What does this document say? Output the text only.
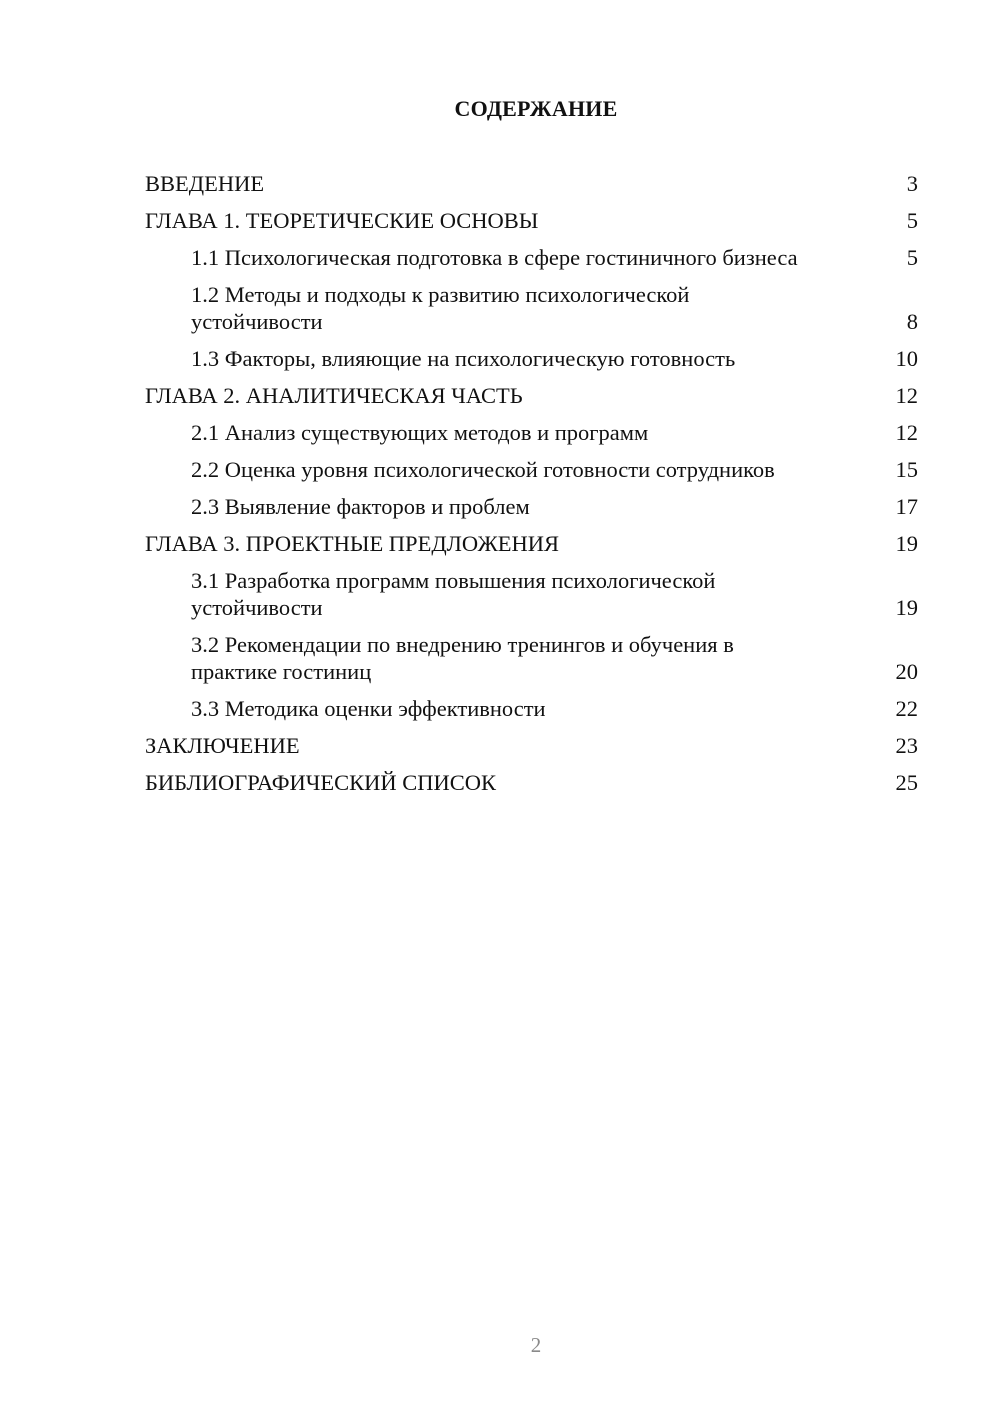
СОДЕРЖАНИЕ
ВВЕДЕНИЕ	3
ГЛАВА 1. ТЕОРЕТИЧЕСКИЕ ОСНОВЫ	5
1.1 Психологическая подготовка в сфере гостиничного бизнеса	5
1.2 Методы и подходы к развитию психологической устойчивости	8
1.3 Факторы, влияющие на психологическую готовность	10
ГЛАВА 2. АНАЛИТИЧЕСКАЯ ЧАСТЬ	12
2.1 Анализ существующих методов и программ	12
2.2 Оценка уровня психологической готовности сотрудников	15
2.3 Выявление факторов и проблем	17
ГЛАВА 3. ПРОЕКТНЫЕ ПРЕДЛОЖЕНИЯ	19
3.1 Разработка программ повышения психологической устойчивости	19
3.2 Рекомендации по внедрению тренингов и обучения в практике гостиниц	20
3.3 Методика оценки эффективности	22
ЗАКЛЮЧЕНИЕ	23
БИБЛИОГРАФИЧЕСКИЙ СПИСОК	25
2
